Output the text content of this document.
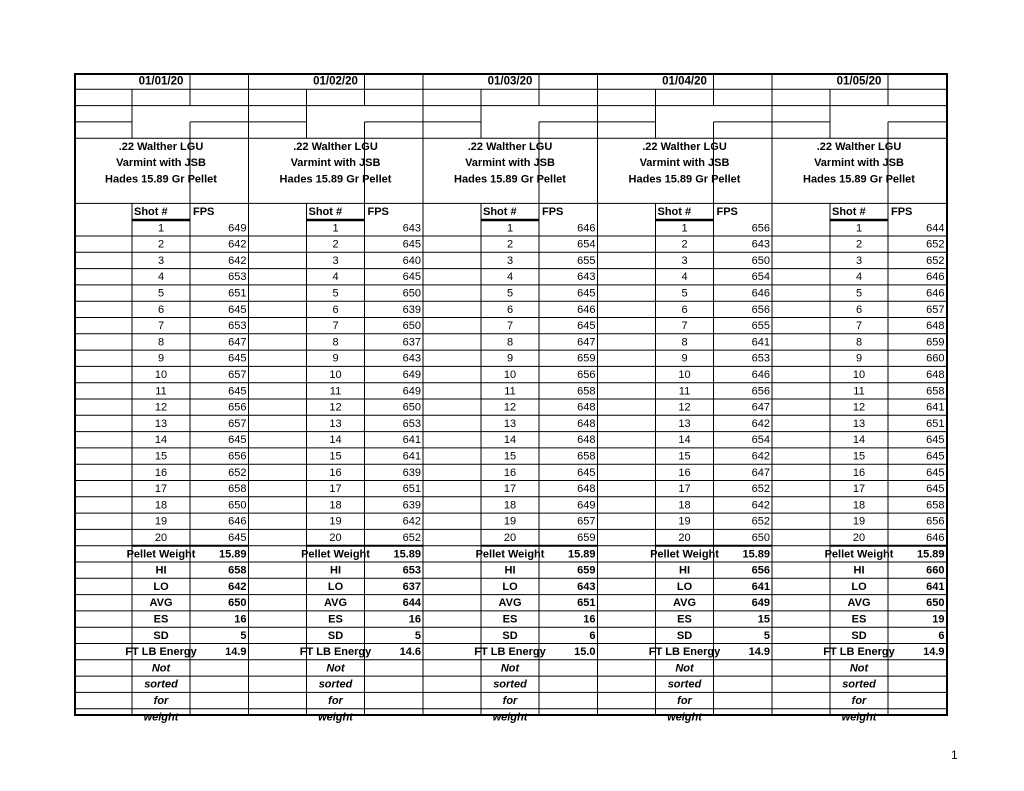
01/01/20
.22 Walther LGU
Varmint with JSB
Hades 15.89 Gr Pellet
Shot # FPS
1	649
2	642
3	642
4	653
5	651
6	645
7	653
8	647
9	645
10	657
11	645
12	656
13	657
14	645
15	656
16	652
17	658
18	650
19	646
20	645
Pellet Weight 15.89
HI	658
LO	642
AVG	650
ES	16
SD	5
FT LB Energy	14.9
Not
sorted
for
weight
01/02/20
.22 Walther LGU
Varmint with JSB
Hades 15.89 Gr Pellet
Shot # FPS
1	643
2	645
3	640
4	645
5	650
6	639
7	650
8	637
9	643
10	649
11	649
12	650
13	653
14	641
15	641
16	639
17	651
18	639
19	642
20	652
Pellet Weight 15.89
HI	653
LO	637
AVG	644
ES	16
SD	5
FT LB Energy	14.6
Not
sorted
for
weight
01/03/20
.22 Walther LGU
Varmint with JSB
Hades 15.89 Gr Pellet
Shot # FPS
1	646
2	654
3	655
4	643
5	645
6	646
7	645
8	647
9	659
10	656
11	658
12	648
13	648
14	648
15	658
16	645
17	648
18	649
19	657
20	659
Pellet Weight 15.89
HI	659
LO	643
AVG	651
ES	16
SD	6
FT LB Energy	15.0
Not
sorted
for
weight
01/04/20
.22 Walther LGU
Varmint with JSB
Hades 15.89 Gr Pellet
Shot # FPS
1	656
2	643
3	650
4	654
5	646
6	656
7	655
8	641
9	653
10	646
11	656
12	647
13	642
14	654
15	642
16	647
17	652
18	642
19	652
20	650
Pellet Weight 15.89
HI	656
LO	641
AVG	649
ES	15
SD	5
FT LB Energy	14.9
Not
sorted
for
weight
01/05/20
.22 Walther LGU
Varmint with JSB
Hades 15.89 Gr Pellet
Shot # FPS
1	644
2	652
3	652
4	646
5	646
6	657
7	648
8	659
9	660
10	648
11	658
12	641
13	651
14	645
15	645
16	645
17	645
18	658
19	656
20	646
Pellet Weight 15.89
HI	660
LO	641
AVG	650
ES	19
SD	6
FT LB Energy	14.9
Not
sorted
for
weight
1
